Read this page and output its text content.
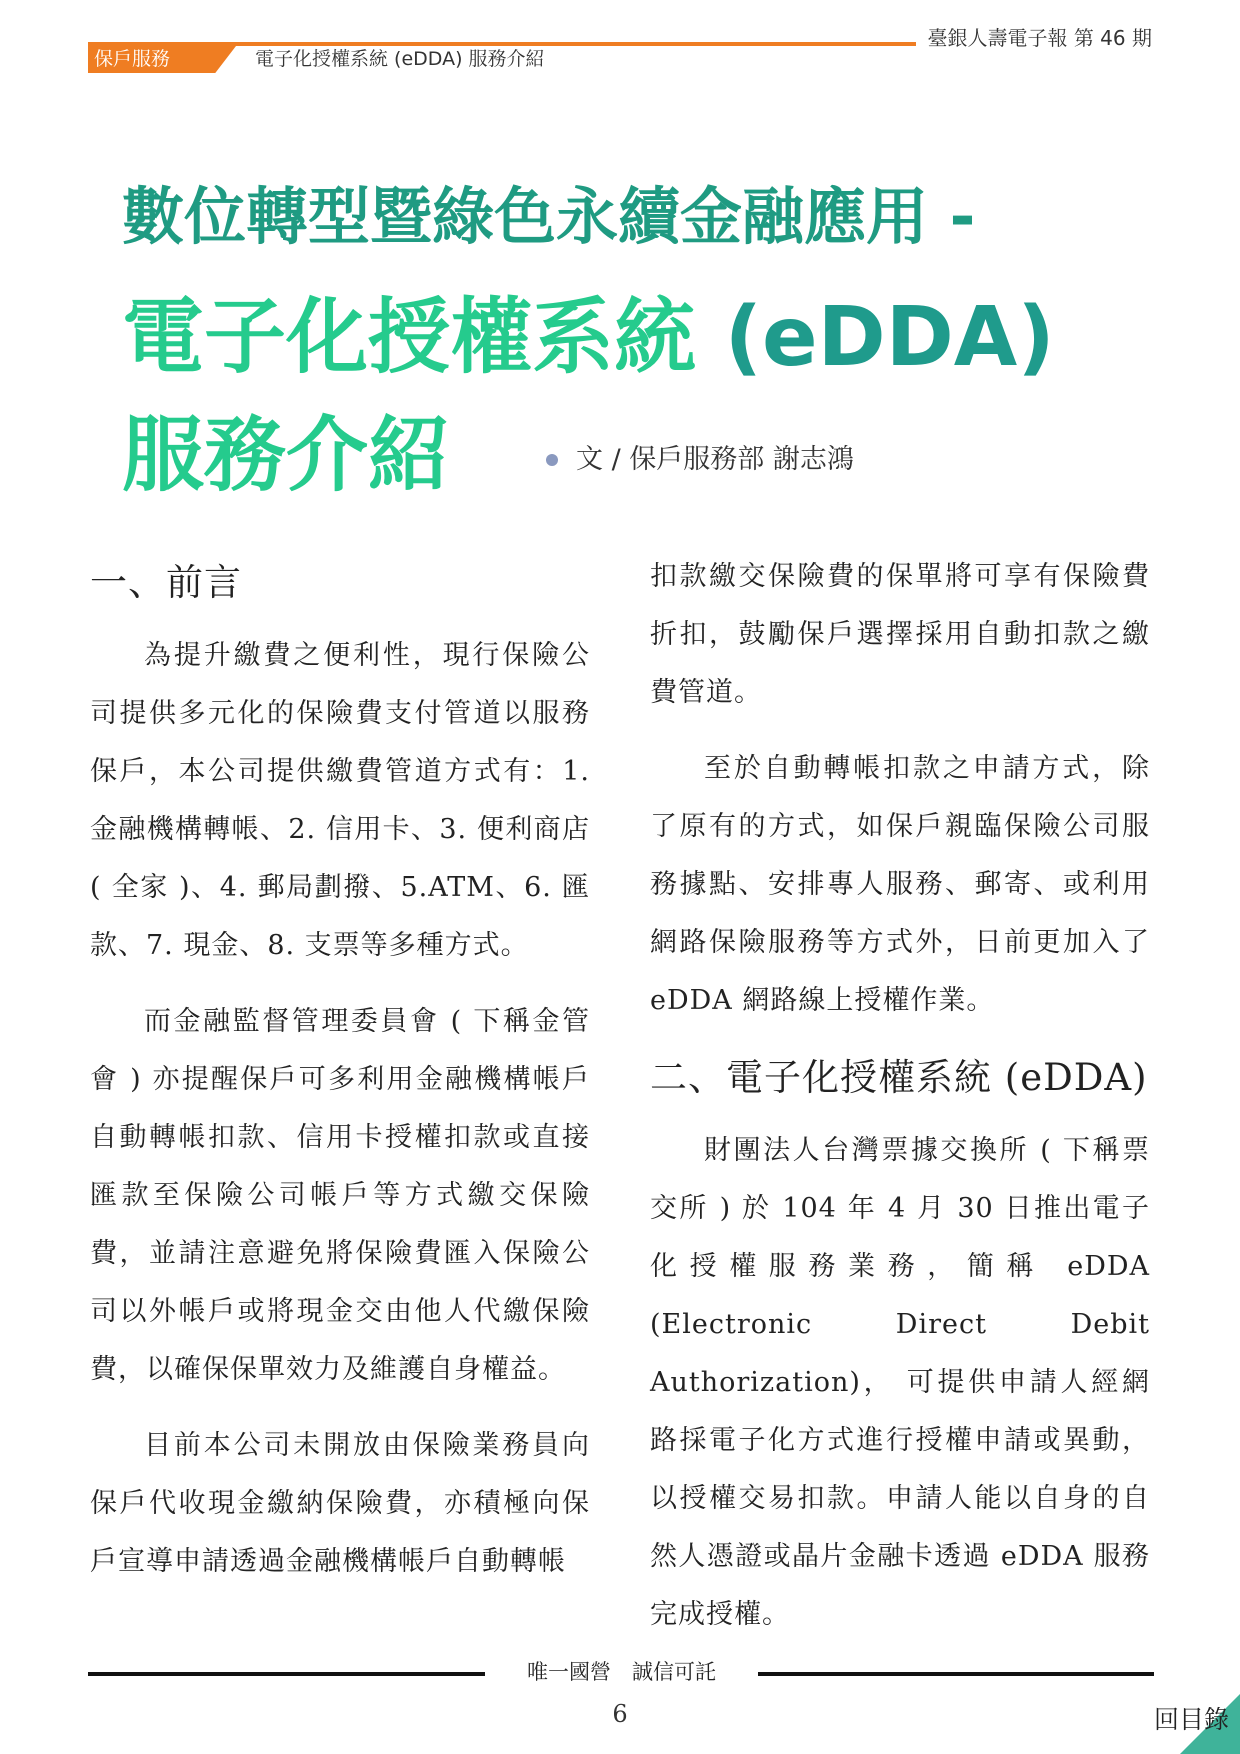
保戶服務	電子化授權系統 (eDDA) 服務介紹
臺銀人壽電子報 第 46 期
數位轉型暨綠色永續金融應用 -
電子化授權系統 (eDDA)
服務介紹	文 / 保戶服務部 謝志鴻
一、前言

為提升繳費之便利性，現行保險公司提供多元化的保險費支付管道以服務保戶，本公司提供繳費管道方式有：1. 金融機構轉帳、2. 信用卡、3. 便利商店 ( 全家 )、4. 郵局劃撥、5.ATM、6. 匯款、7. 現金、8. 支票等多種方式。

而金融監督管理委員會 ( 下稱金管會 ) 亦提醒保戶可多利用金融機構帳戶自動轉帳扣款、信用卡授權扣款或直接匯款至保險公司帳戶等方式繳交保險費，並請注意避免將保險費匯入保險公司以外帳戶或將現金交由他人代繳保險費，以確保保單效力及維護自身權益。

目前本公司未開放由保險業務員向保戶代收現金繳納保險費，亦積極向保戶宣導申請透過金融機構帳戶自動轉帳

扣款繳交保險費的保單將可享有保險費折扣，鼓勵保戶選擇採用自動扣款之繳費管道。

至於自動轉帳扣款之申請方式，除了原有的方式，如保戶親臨保險公司服務據點、安排專人服務、郵寄、或利用網路保險服務等方式外，日前更加入了 eDDA 網路線上授權作業。

二、電子化授權系統 (eDDA)

財團法人台灣票據交換所 ( 下稱票交所 ) 於 104 年 4 月 30 日推出電子化授權服務業務，簡稱 eDDA (Electronic Direct Debit Authorization)， 可提供申請人經網路採電子化方式進行授權申請或異動，以授權交易扣款。申請人能以自身的自然人憑證或晶片金融卡透過 eDDA 服務完成授權。

唯一國營　誠信可託
6	回目錄
